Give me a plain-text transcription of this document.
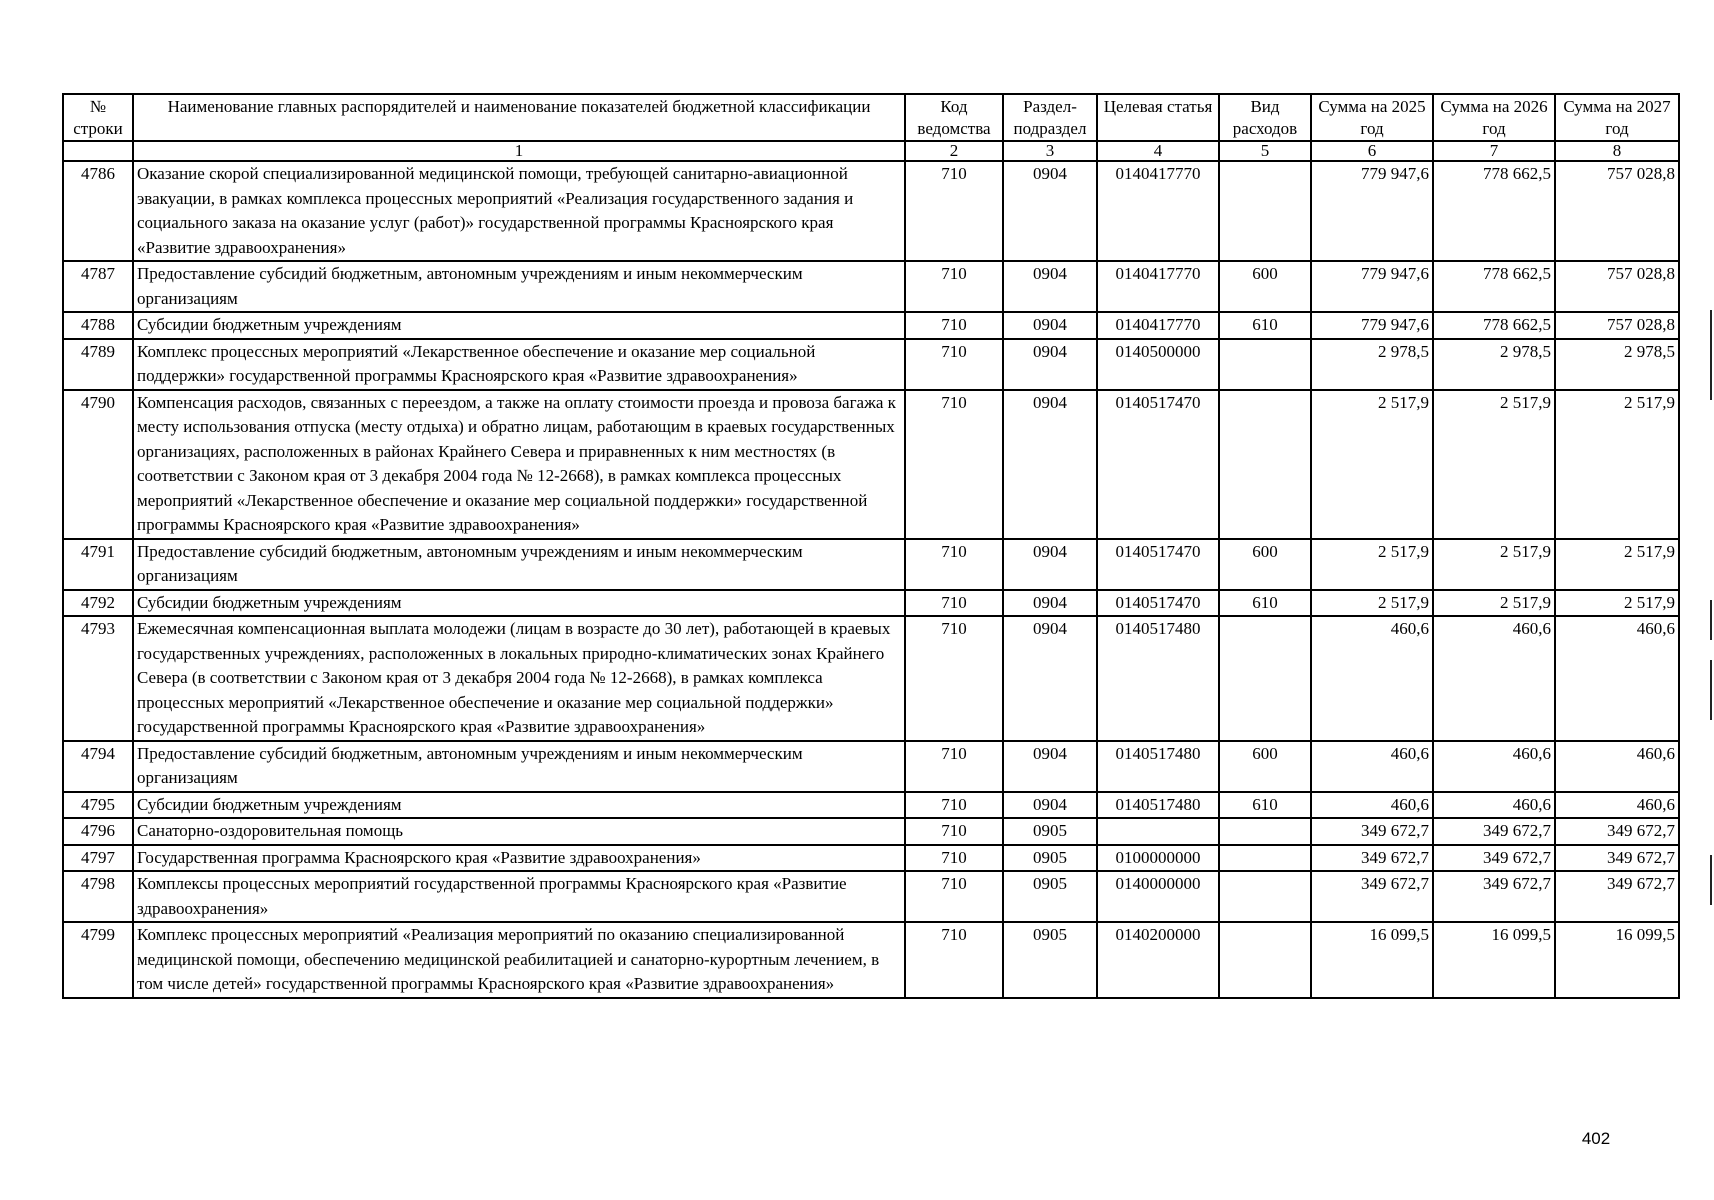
№ строки	Наименование главных распорядителей и наименование показателей бюджетной классификации	Код ведомства	Раздел-подраздел	Целевая статья	Вид расходов	Сумма на 2025 год	Сумма на 2026 год	Сумма на 2027 год
	1	2	3	4	5	6	7	8
4786	Оказание скорой специализированной медицинской помощи, требующей санитарно-авиационной эвакуации, в рамках комплекса процессных мероприятий «Реализация государственного задания и социального заказа на оказание услуг (работ)» государственной программы Красноярского края «Развитие здравоохранения»	710	0904	0140417770		779 947,6	778 662,5	757 028,8
4787	Предоставление субсидий бюджетным, автономным учреждениям и иным некоммерческим организациям	710	0904	0140417770	600	779 947,6	778 662,5	757 028,8
4788	Субсидии бюджетным учреждениям	710	0904	0140417770	610	779 947,6	778 662,5	757 028,8
4789	Комплекс процессных мероприятий «Лекарственное обеспечение и оказание мер социальной поддержки» государственной программы Красноярского края «Развитие здравоохранения»	710	0904	0140500000		2 978,5	2 978,5	2 978,5
4790	Компенсация расходов, связанных с переездом, а также на оплату стоимости проезда и провоза багажа к месту использования отпуска (месту отдыха) и обратно лицам, работающим в краевых государственных организациях, расположенных в районах Крайнего Севера и приравненных к ним местностях (в соответствии с Законом края от 3 декабря 2004 года № 12-2668), в рамках комплекса процессных мероприятий «Лекарственное обеспечение и оказание мер социальной поддержки» государственной программы Красноярского края «Развитие здравоохранения»	710	0904	0140517470		2 517,9	2 517,9	2 517,9
4791	Предоставление субсидий бюджетным, автономным учреждениям и иным некоммерческим организациям	710	0904	0140517470	600	2 517,9	2 517,9	2 517,9
4792	Субсидии бюджетным учреждениям	710	0904	0140517470	610	2 517,9	2 517,9	2 517,9
4793	Ежемесячная компенсационная выплата молодежи (лицам в возрасте до 30 лет), работающей в краевых государственных учреждениях, расположенных в локальных природно-климатических зонах Крайнего Севера (в соответствии с Законом края от 3 декабря 2004 года № 12-2668), в рамках комплекса процессных мероприятий «Лекарственное обеспечение и оказание мер социальной поддержки» государственной программы Красноярского края «Развитие здравоохранения»	710	0904	0140517480		460,6	460,6	460,6
4794	Предоставление субсидий бюджетным, автономным учреждениям и иным некоммерческим организациям	710	0904	0140517480	600	460,6	460,6	460,6
4795	Субсидии бюджетным учреждениям	710	0904	0140517480	610	460,6	460,6	460,6
4796	Санаторно-оздоровительная помощь	710	0905			349 672,7	349 672,7	349 672,7
4797	Государственная программа Красноярского края «Развитие здравоохранения»	710	0905	0100000000		349 672,7	349 672,7	349 672,7
4798	Комплексы процессных мероприятий государственной программы Красноярского края «Развитие здравоохранения»	710	0905	0140000000		349 672,7	349 672,7	349 672,7
4799	Комплекс процессных мероприятий «Реализация мероприятий по оказанию специализированной медицинской помощи, обеспечению медицинской реабилитацией и санаторно-курортным лечением, в том числе детей» государственной программы Красноярского края «Развитие здравоохранения»	710	0905	0140200000		16 099,5	16 099,5	16 099,5
402
